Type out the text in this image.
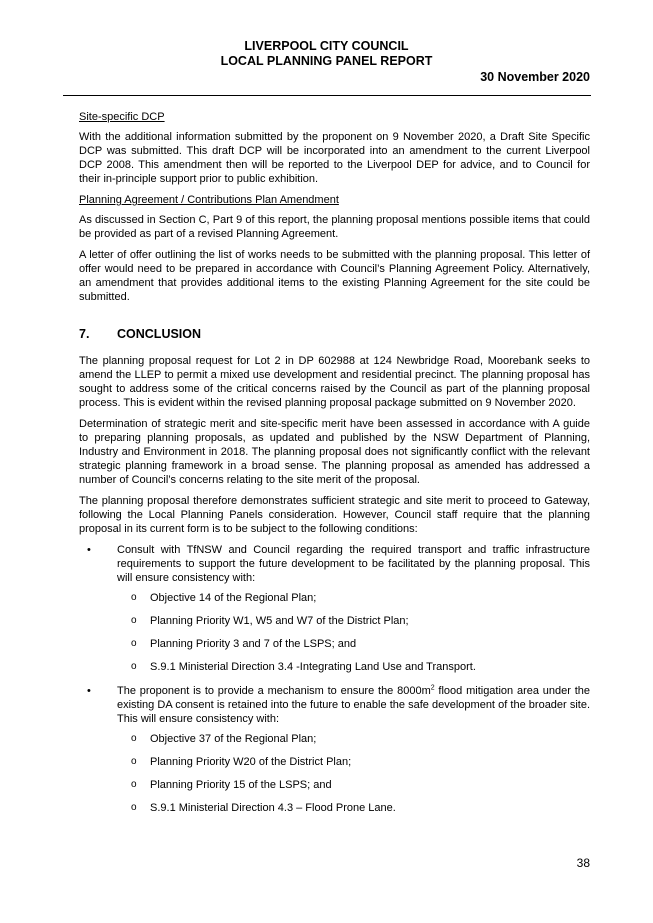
LIVERPOOL CITY COUNCIL
LOCAL PLANNING PANEL REPORT
30 November 2020

Site-specific DCP

With the additional information submitted by the proponent on 9 November 2020, a Draft Site Specific DCP was submitted. This draft DCP will be incorporated into an amendment to the current Liverpool DCP 2008. This amendment then will be reported to the Liverpool DEP for advice, and to Council for their in-principle support prior to public exhibition.

Planning Agreement / Contributions Plan Amendment

As discussed in Section C, Part 9 of this report, the planning proposal mentions possible items that could be provided as part of a revised Planning Agreement.

A letter of offer outlining the list of works needs to be submitted with the planning proposal. This letter of offer would need to be prepared in accordance with Council’s Planning Agreement Policy. Alternatively, an amendment that provides additional items to the existing Planning Agreement for the site could be submitted.

7. CONCLUSION

The planning proposal request for Lot 2 in DP 602988 at 124 Newbridge Road, Moorebank seeks to amend the LLEP to permit a mixed use development and residential precinct. The planning proposal has sought to address some of the critical concerns raised by the Council as part of the planning proposal process. This is evident within the revised planning proposal package submitted on 9 November 2020.

Determination of strategic merit and site-specific merit have been assessed in accordance with A guide to preparing planning proposals, as updated and published by the NSW Department of Planning, Industry and Environment in 2018. The planning proposal does not significantly conflict with the relevant strategic planning framework in a broad sense. The planning proposal as amended has addressed a number of Council’s concerns relating to the site merit of the proposal.

The planning proposal therefore demonstrates sufficient strategic and site merit to proceed to Gateway, following the Local Planning Panels consideration. However, Council staff require that the planning proposal in its current form is to be subject to the following conditions:

• Consult with TfNSW and Council regarding the required transport and traffic infrastructure requirements to support the future development to be facilitated by the planning proposal. This will ensure consistency with:
o Objective 14 of the Regional Plan;
o Planning Priority W1, W5 and W7 of the District Plan;
o Planning Priority 3 and 7 of the LSPS; and
o S.9.1 Ministerial Direction 3.4 -Integrating Land Use and Transport.
• The proponent is to provide a mechanism to ensure the $8000m^2$ flood mitigation area under the existing DA consent is retained into the future to enable the safe development of the broader site. This will ensure consistency with:
o Objective 37 of the Regional Plan;
o Planning Priority W20 of the District Plan;
o Planning Priority 15 of the LSPS; and
o S.9.1 Ministerial Direction 4.3 – Flood Prone Lane.
38
